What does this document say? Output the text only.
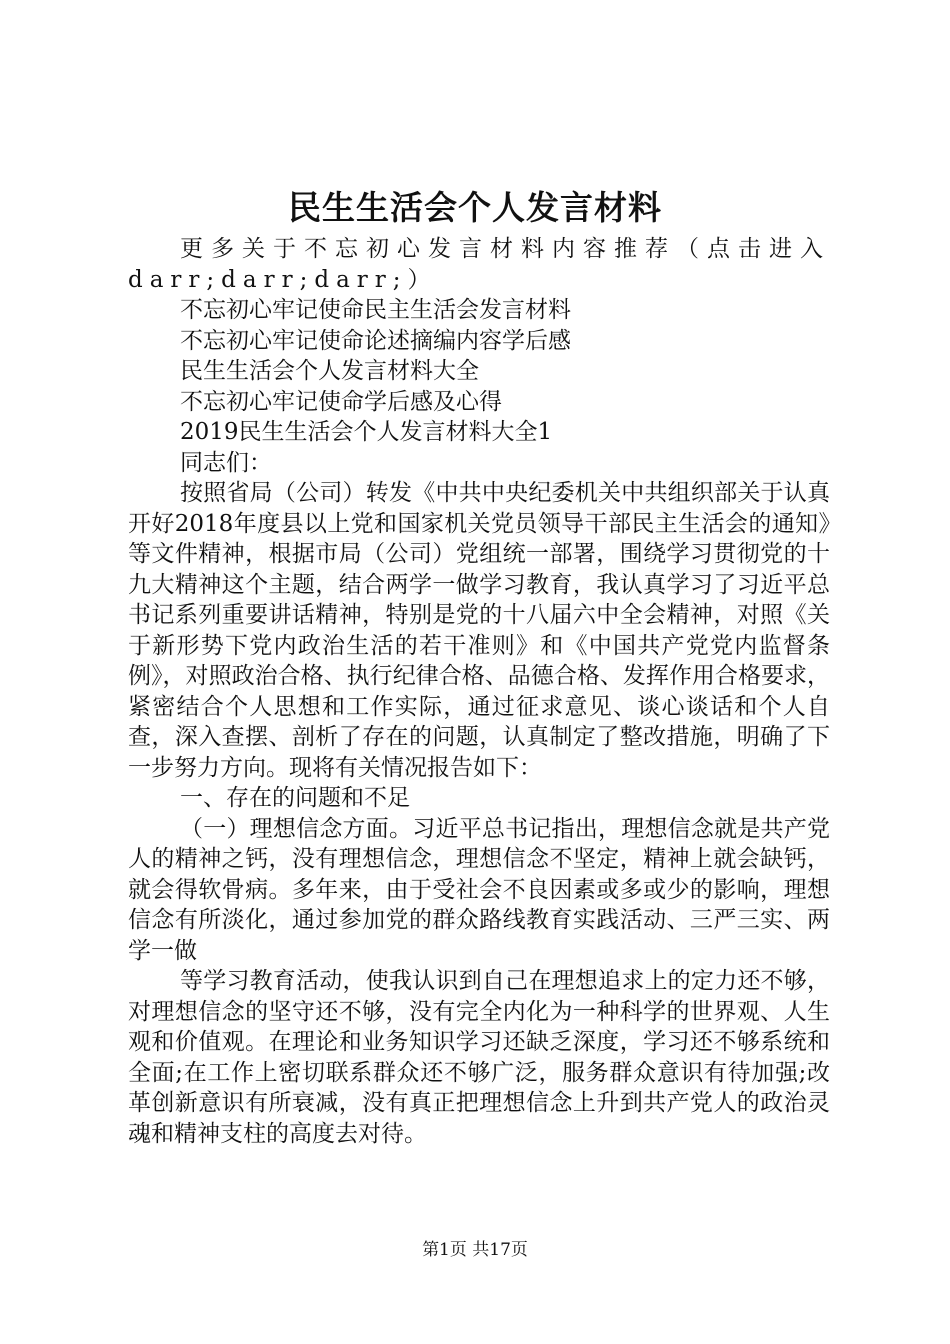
民生生活会个人发言材料

更多关于不忘初心发言材料内容推荐（点击进入darr;darr;darr;）

不忘初心牢记使命民主生活会发言材料

不忘初心牢记使命论述摘编内容学后感

民生生活会个人发言材料大全

不忘初心牢记使命学后感及心得

2019民生生活会个人发言材料大全1

同志们：

按照省局（公司）转发《中共中央纪委机关中共组织部关于认真开好2018年度县以上党和国家机关党员领导干部民主生活会的通知》等文件精神，根据市局（公司）党组统一部署，围绕学习贯彻党的十九大精神这个主题，结合两学一做学习教育，我认真学习了习近平总书记系列重要讲话精神，特别是党的十八届六中全会精神，对照《关于新形势下党内政治生活的若干准则》和《中国共产党党内监督条例》，对照政治合格、执行纪律合格、品德合格、发挥作用合格要求，紧密结合个人思想和工作实际，通过征求意见、谈心谈话和个人自查，深入查摆、剖析了存在的问题，认真制定了整改措施，明确了下一步努力方向。现将有关情况报告如下：

一、存在的问题和不足

（一）理想信念方面。习近平总书记指出，理想信念就是共产党人的精神之钙，没有理想信念，理想信念不坚定，精神上就会缺钙，就会得软骨病。多年来，由于受社会不良因素或多或少的影响，理想信念有所淡化，通过参加党的群众路线教育实践活动、三严三实、两学一做

等学习教育活动，使我认识到自己在理想追求上的定力还不够，对理想信念的坚守还不够，没有完全内化为一种科学的世界观、人生观和价值观。在理论和业务知识学习还缺乏深度，学习还不够系统和全面;在工作上密切联系群众还不够广泛，服务群众意识有待加强;改革创新意识有所衰减，没有真正把理想信念上升到共产党人的政治灵魂和精神支柱的高度去对待。

第1页 共17页
